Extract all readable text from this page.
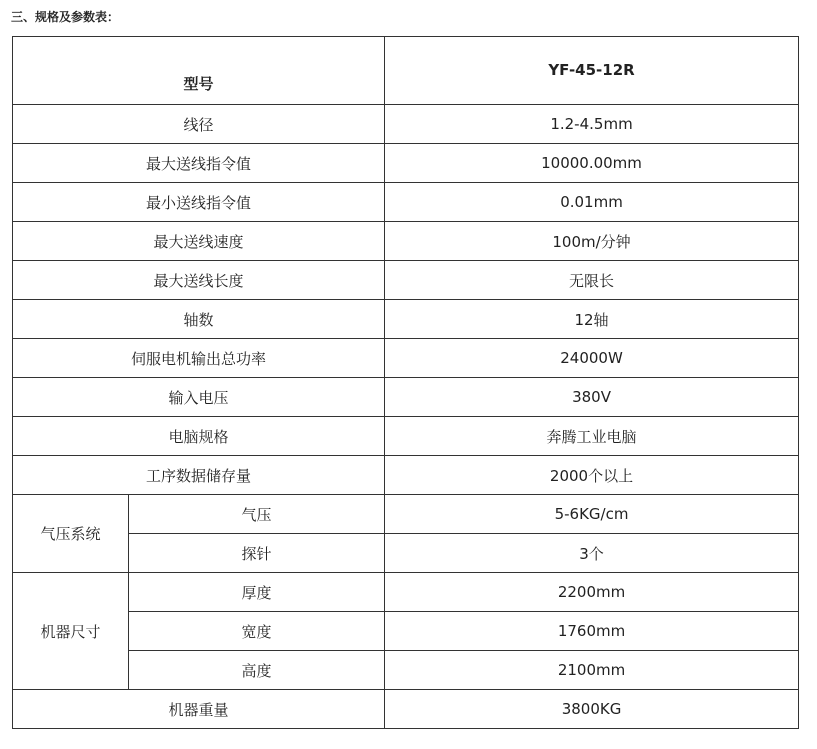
三、规格及参数表：
型号		YF-45-12R
线径		1.2-4.5mm
最大送线指令值		10000.00mm
最小送线指令值		0.01mm
最大送线速度		100m/分钟
最大送线长度		无限长
轴数		12轴
伺服电机输出总功率		24000W
输入电压		380V
电脑规格		奔腾工业电脑
工序数据储存量		2000个以上
气压系统	气压	5-6KG/cm
	探针	3个
机器尺寸	厚度	2200mm
	宽度	1760mm
	高度	2100mm
机器重量		3800KG
